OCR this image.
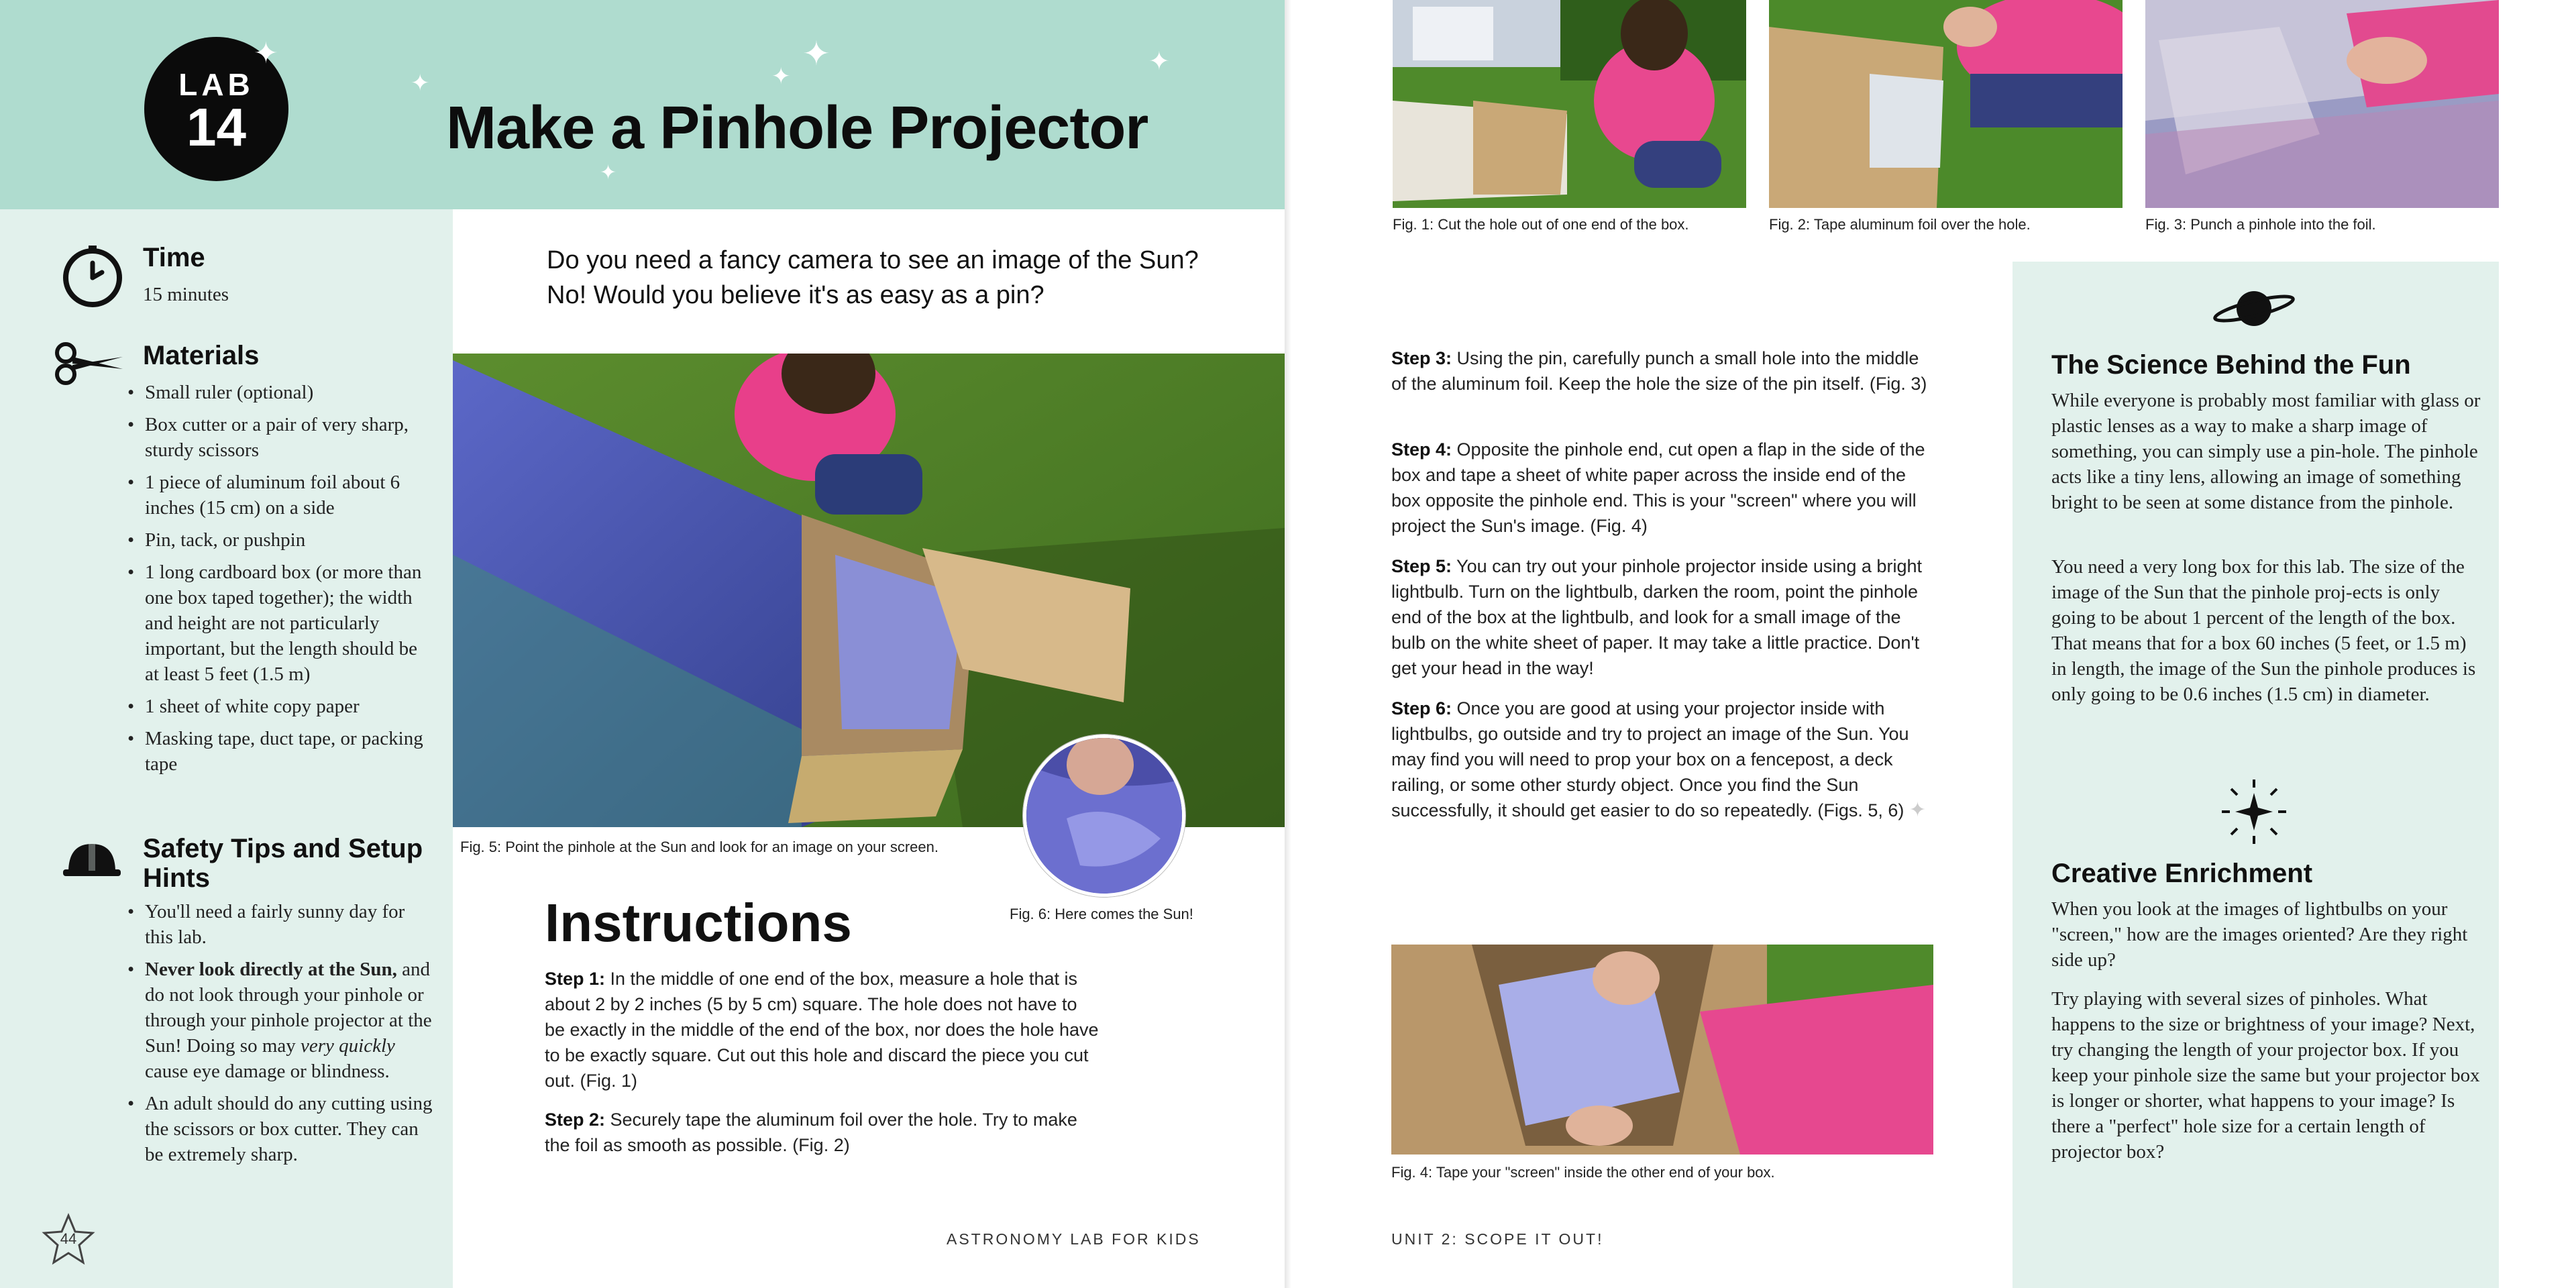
LAB
14
✦
✦	✦
✦	✦
✦
Make a Pinhole Projector
Time
15 minutes
Materials
• Small ruler (optional)
• Box cutter or a pair of very sharp, sturdy scissors
• 1 piece of aluminum foil about 6 inches (15 cm) on a side
• Pin, tack, or pushpin
• 1 long cardboard box (or more than one box taped together); the width and height are not particularly important, but the length should be at least 5 feet (1.5 m)
• 1 sheet of white copy paper
• Masking tape, duct tape, or packing tape
Safety Tips and Setup Hints
• You'll need a fairly sunny day for this lab.
• Never look directly at the Sun, and do not look through your pinhole or through your pinhole projector at the Sun! Doing so may very quickly cause eye damage or blindness.
• An adult should do any cutting using the scissors or box cutter. They can be extremely sharp.
44

Do you need a fancy camera to see an image of the Sun? No! Would you believe it's as easy as a pin?

Fig. 5: Point the pinhole at the Sun and look for an image on your screen.
Fig. 6: Here comes the Sun!
Instructions

Step 1: In the middle of one end of the box, measure a hole that is about 2 by 2 inches (5 by 5 cm) square. The hole does not have to be exactly in the middle of the end of the box, nor does the hole have to be exactly square. Cut out this hole and discard the piece you cut out. (Fig. 1)

Step 2: Securely tape the aluminum foil over the hole. Try to make the foil as smooth as possible. (Fig. 2)

ASTRONOMY LAB FOR KIDS
Fig. 1: Cut the hole out of one end of the box.	Fig. 2: Tape aluminum foil over the hole.	Fig. 3: Punch a pinhole into the foil.

Step 3: Using the pin, carefully punch a small hole into the middle of the aluminum foil. Keep the hole the size of the pin itself. (Fig. 3)

Step 4: Opposite the pinhole end, cut open a flap in the side of the box and tape a sheet of white paper across the inside end of the box opposite the pinhole end. This is your "screen" where you will project the Sun's image. (Fig. 4)

Step 5: You can try out your pinhole projector inside using a bright lightbulb. Turn on the lightbulb, darken the room, point the pinhole end of the box at the lightbulb, and look for a small image of the bulb on the white sheet of paper. It may take a little practice. Don't get your head in the way!

Step 6: Once you are good at using your projector inside with lightbulbs, go outside and try to project an image of the Sun. You may find you will need to prop your box on a fencepost, a deck railing, or some other sturdy object. Once you find the Sun successfully, it should get easier to do so repeatedly. (Figs. 5, 6) ✦

Fig. 4: Tape your "screen" inside the other end of your box.
UNIT 2: SCOPE IT OUT!
The Science Behind the Fun

While everyone is probably most familiar with glass or plastic lenses as a way to make a sharp image of something, you can simply use a pin-hole. The pinhole acts like a tiny lens, allowing an image of something bright to be seen at some distance from the pinhole.

You need a very long box for this lab. The size of the image of the Sun that the pinhole proj-ects is only going to be about 1 percent of the length of the box. That means that for a box 60 inches (5 feet, or 1.5 m) in length, the image of the Sun the pinhole produces is only going to be 0.6 inches (1.5 cm) in diameter.

Creative Enrichment

When you look at the images of lightbulbs on your "screen," how are the images oriented? Are they right side up?

Try playing with several sizes of pinholes. What happens to the size or brightness of your image? Next, try changing the length of your projector box. If you keep your pinhole size the same but your projector box is longer or shorter, what happens to your image? Is there a "perfect" hole size for a certain length of projector box?
